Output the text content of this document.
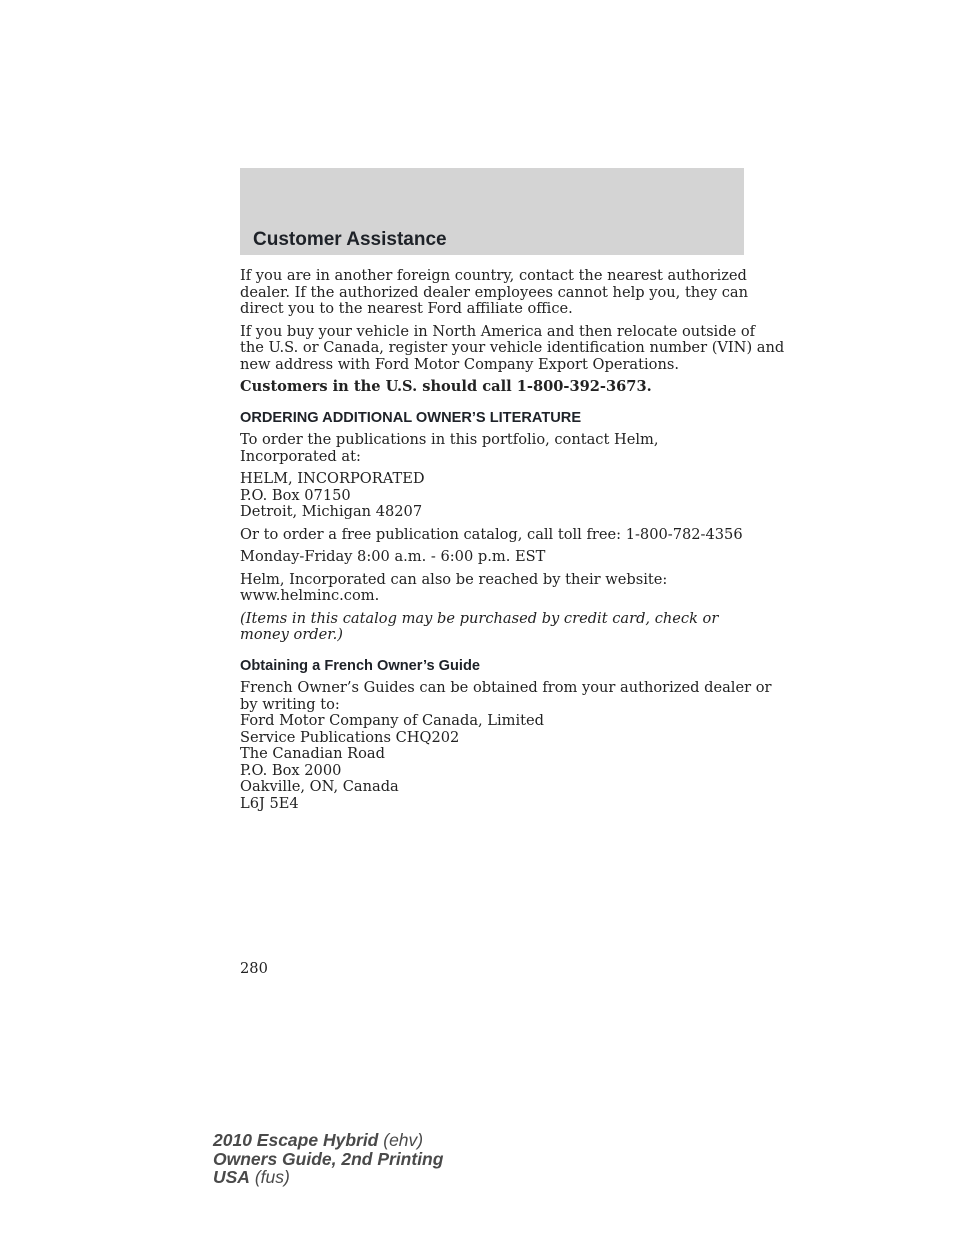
Customer Assistance

If you are in another foreign country, contact the nearest authorized
dealer. If the authorized dealer employees cannot help you, they can
direct you to the nearest Ford affiliate office.

If you buy your vehicle in North America and then relocate outside of
the U.S. or Canada, register your vehicle identification number (VIN) and
new address with Ford Motor Company Export Operations.

Customers in the U.S. should call 1-800-392-3673.

ORDERING ADDITIONAL OWNER’S LITERATURE

To order the publications in this portfolio, contact Helm, Incorporated at:

HELM, INCORPORATED
P.O. Box 07150
Detroit, Michigan 48207

Or to order a free publication catalog, call toll free: 1-800-782-4356

Monday-Friday 8:00 a.m. - 6:00 p.m. EST

Helm, Incorporated can also be reached by their website:
www.helminc.com.

(Items in this catalog may be purchased by credit card, check or
money order.)

Obtaining a French Owner’s Guide

French Owner’s Guides can be obtained from your authorized dealer or
by writing to:
Ford Motor Company of Canada, Limited
Service Publications CHQ202
The Canadian Road
P.O. Box 2000
Oakville, ON, Canada
L6J 5E4

280
2010 Escape Hybrid (ehv)
Owners Guide, 2nd Printing
USA (fus)
